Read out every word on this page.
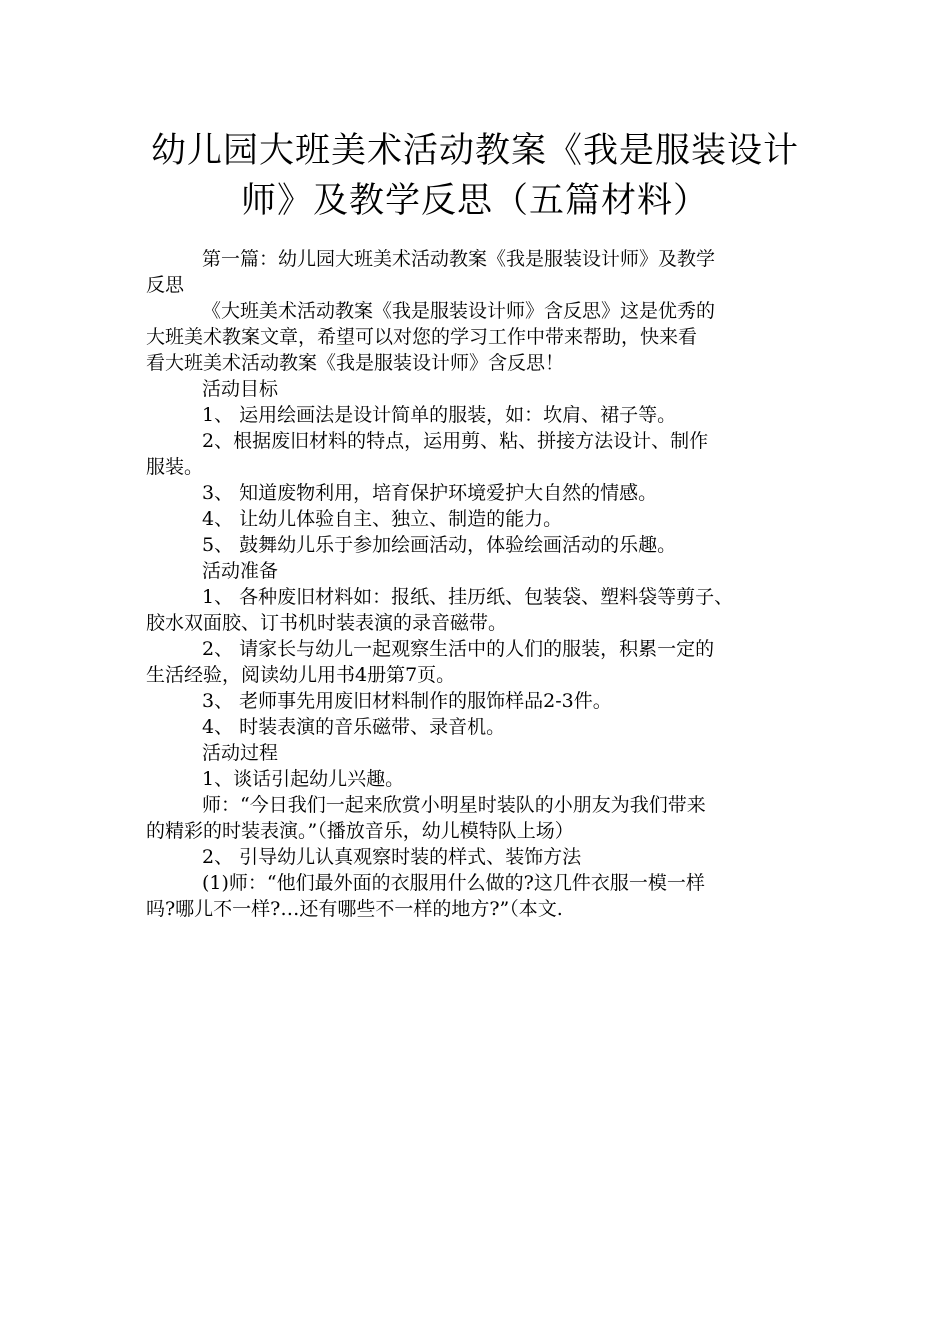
幼儿园大班美术活动教案《我是服装设计
师》及教学反思（五篇材料）
第一篇：幼儿园大班美术活动教案《我是服装设计师》及教学
反思
《大班美术活动教案《我是服装设计师》含反思》这是优秀的
大班美术教案文章，希望可以对您的学习工作中带来帮助，快来看
看大班美术活动教案《我是服装设计师》含反思！
活动目标
1、 运用绘画法是设计简单的服装，如：坎肩、裙子等。
2、根据废旧材料的特点，运用剪、粘、拼接方法设计、制作
服装。
3、 知道废物利用，培育保护环境爱护大自然的情感。
4、 让幼儿体验自主、独立、制造的能力。
5、 鼓舞幼儿乐于参加绘画活动，体验绘画活动的乐趣。
活动准备
1、 各种废旧材料如：报纸、挂历纸、包装袋、塑料袋等剪子、
胶水双面胶、订书机时装表演的录音磁带。
2、 请家长与幼儿一起观察生活中的人们的服装，积累一定的
生活经验，阅读幼儿用书4册第7页。
3、 老师事先用废旧材料制作的服饰样品2-3件。
4、 时装表演的音乐磁带、录音机。
活动过程
1、谈话引起幼儿兴趣。
师：“今日我们一起来欣赏小明星时装队的小朋友为我们带来
的精彩的时装表演。”（播放音乐，幼儿模特队上场）
2、 引导幼儿认真观察时装的样式、装饰方法
(1)师：“他们最外面的衣服用什么做的?这几件衣服一模一样
吗?哪儿不一样?…还有哪些不一样的地方?”（本文.
